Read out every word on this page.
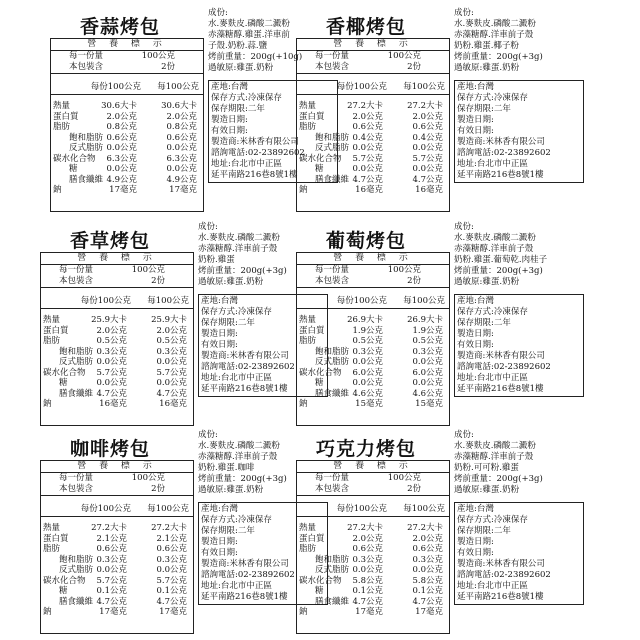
香蒜烤包
營 養 標 示
每一份量	100公克
本包裝含	2份
每份100公克 每100公克
熱量	30.6大卡	30.6大卡
蛋白質	2.0公克	2.0公克
脂肪	0.8公克	0.8公克
飽和脂肪 0.6公克	0.6公克
反式脂肪 0.0公克	0.0公克
碳水化合物 6.3公克	6.3公克
糖	0.0公克	0.0公克
膳食纖維 4.9公克	4.9公克
鈉	17毫克	17毫克
成份:
水.麥麩皮.磷酸二澱粉
赤藻糖醇.雞蛋.洋車前
子殼.奶粉.蒜.鹽
烤前重量：200g(+10g)
過敏原:雞蛋.奶粉
產地:台灣
保存方式:冷凍保存
保存期限:二年
製造日期:
有效日期:
製造商:米林香有限公司
諮詢電話:02-23892602
地址:台北市中正區
延平南路216巷8號1樓
香椰烤包
營 養 標 示
每一份量	100公克
本包裝含	2份
每份100公克 每100公克
熱量	27.2大卡	27.2大卡
蛋白質	2.0公克	2.0公克
脂肪	0.6公克	0.6公克
飽和脂肪 0.4公克	0.4公克
反式脂肪 0.0公克	0.0公克
碳水化合物 5.7公克	5.7公克
糖	0.0公克	0.0公克
膳食纖維 4.7公克	4.7公克
鈉	16毫克	16毫克
成份:
水.麥麩皮.磷酸二澱粉
赤藻糖醇.洋車前子殼
奶粉.雞蛋.椰子粉
烤前重量：200g(+3g)
過敏原:雞蛋.奶粉
產地:台灣
保存方式:冷凍保存
保存期限:二年
製造日期:
有效日期:
製造商:米林香有限公司
諮詢電話:02-23892602
地址:台北市中正區
延平南路216巷8號1樓
香草烤包
營 養 標 示
每一份量	100公克
本包裝含	2份
每份100公克 每100公克
熱量	25.9大卡	25.9大卡
蛋白質	2.0公克	2.0公克
脂肪	0.5公克	0.5公克
飽和脂肪 0.3公克	0.3公克
反式脂肪 0.0公克	0.0公克
碳水化合物 5.7公克	5.7公克
糖	0.0公克	0.0公克
膳食纖維 4.7公克	4.7公克
鈉	16毫克	16毫克
成份:
水.麥麩皮.磷酸二澱粉
赤藻糖醇.洋車前子殼
奶粉.雞蛋
烤前重量：200g(+3g)
過敏原:雞蛋.奶粉
產地:台灣
保存方式:冷凍保存
保存期限:二年
製造日期:
有效日期:
製造商:米林香有限公司
諮詢電話:02-23892602
地址:台北市中正區
延平南路216巷8號1樓
葡萄烤包
營 養 標 示
每一份量	100公克
本包裝含	2份
每份100公克 每100公克
熱量	26.9大卡	26.9大卡
蛋白質	1.9公克	1.9公克
脂肪	0.5公克	0.5公克
飽和脂肪 0.3公克	0.3公克
反式脂肪 0.0公克	0.0公克
碳水化合物 6.0公克	6.0公克
糖	0.0公克	0.0公克
膳食纖維 4.6公克	4.6公克
鈉	15毫克	15毫克
成份:
水.麥麩皮.磷酸二澱粉
赤藻糖醇.洋車前子殼
奶粉.雞蛋.葡萄乾.肉桂子
烤前重量：200g(+3g)
過敏原:雞蛋.奶粉
產地:台灣
保存方式:冷凍保存
保存期限:二年
製造日期:
有效日期:
製造商:米林香有限公司
諮詢電話:02-23892602
地址:台北市中正區
延平南路216巷8號1樓
咖啡烤包
營 養 標 示
每一份量	100公克
本包裝含	2份
每份100公克 每100公克
熱量	27.2大卡	27.2大卡
蛋白質	2.1公克	2.1公克
脂肪	0.6公克	0.6公克
飽和脂肪 0.3公克	0.3公克
反式脂肪 0.0公克	0.0公克
碳水化合物 5.7公克	5.7公克
糖	0.1公克	0.1公克
膳食纖維 4.7公克	4.7公克
鈉	17毫克	17毫克
成份:
水.麥麩皮.磷酸二澱粉
赤藻糖醇.洋車前子殼
奶粉.雞蛋.咖啡
烤前重量：200g(+3g)
過敏原:雞蛋.奶粉
產地:台灣
保存方式:冷凍保存
保存期限:二年
製造日期:
有效日期:
製造商:米林香有限公司
諮詢電話:02-23892602
地址:台北市中正區
延平南路216巷8號1樓
巧克力烤包
營 養 標 示
每一份量	100公克
本包裝含	2份
每份100公克 每100公克
熱量	27.2大卡	27.2大卡
蛋白質	2.0公克	2.0公克
脂肪	0.6公克	0.6公克
飽和脂肪 0.3公克	0.3公克
反式脂肪 0.0公克	0.0公克
碳水化合物 5.8公克	5.8公克
糖	0.1公克	0.1公克
膳食纖維 4.7公克	4.7公克
鈉	17毫克	17毫克
成份:
水.麥麩皮.磷酸二澱粉
赤藻糖醇.洋車前子殼
奶粉.可可粉.雞蛋
烤前重量：200g(+3g)
過敏原:雞蛋.奶粉
產地:台灣
保存方式:冷凍保存
保存期限:二年
製造日期:
有效日期:
製造商:米林香有限公司
諮詢電話:02-23892602
地址:台北市中正區
延平南路216巷8號1樓
